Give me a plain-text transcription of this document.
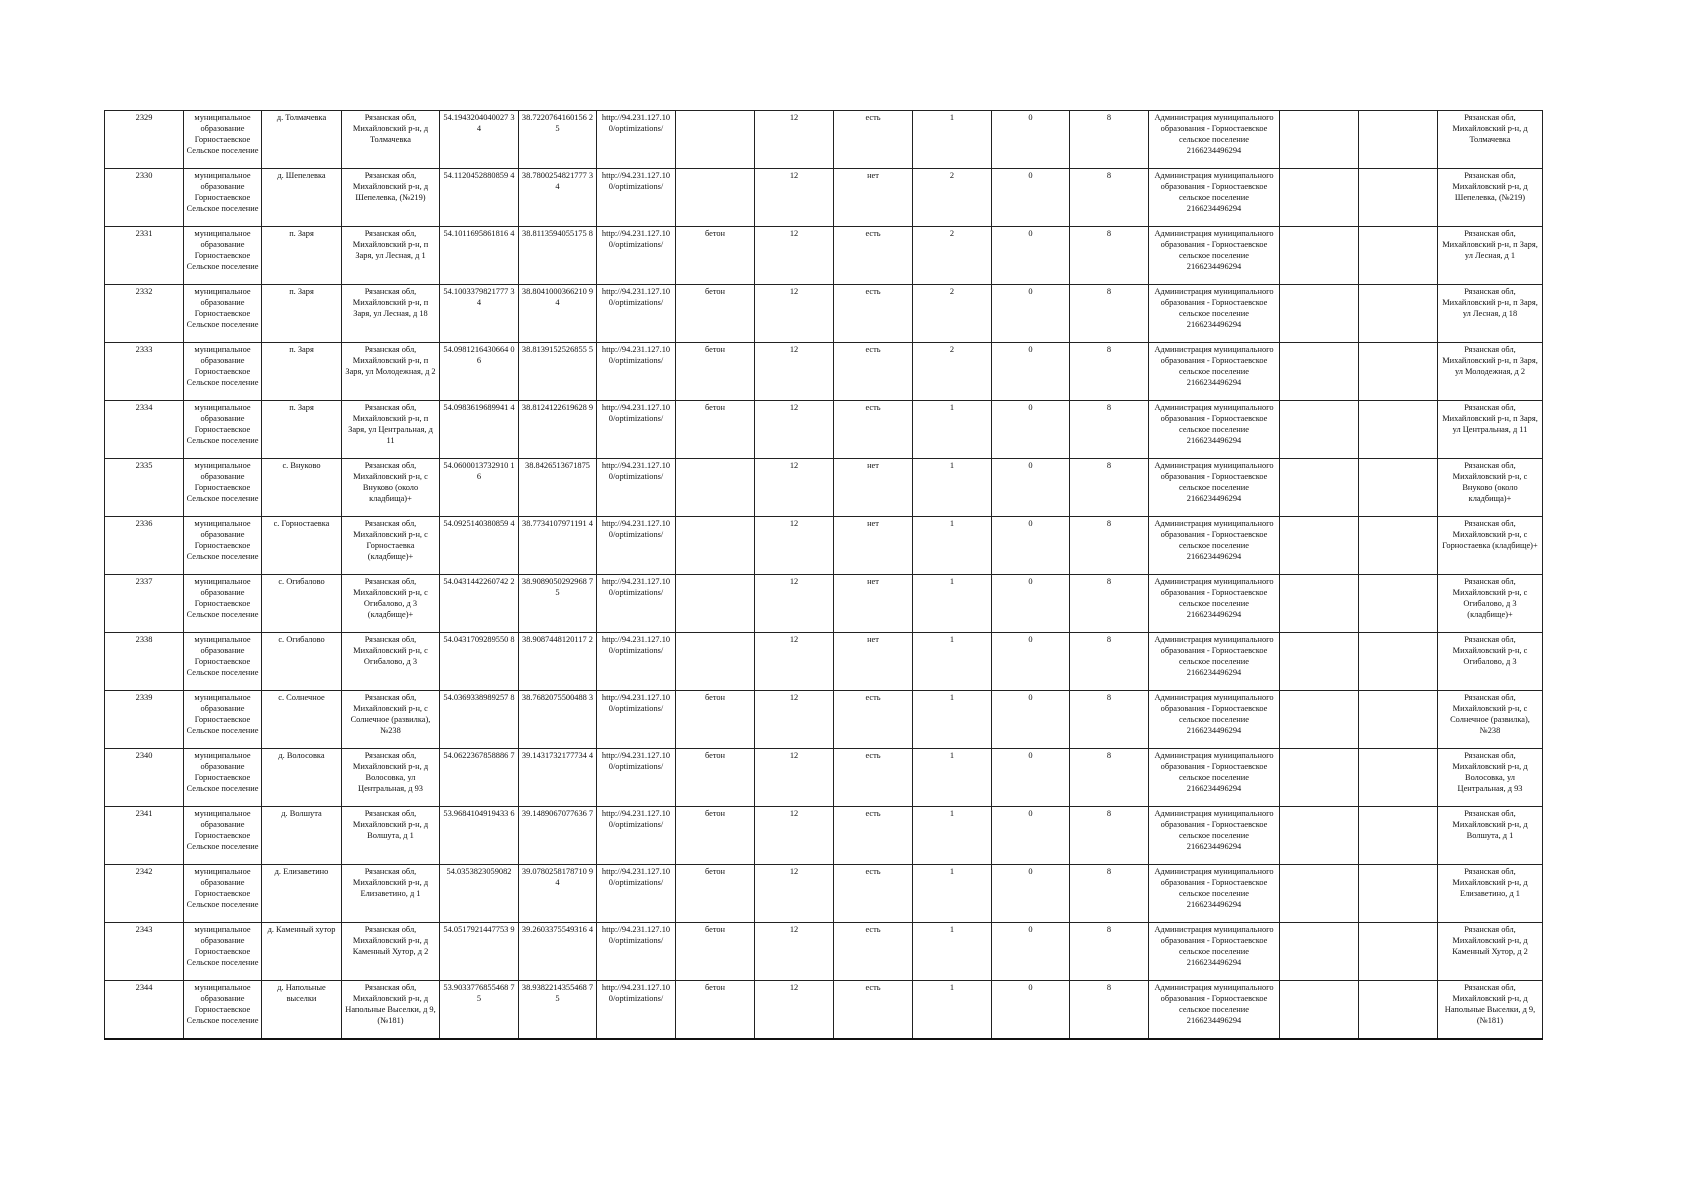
2329	муниципальное образование Горностаевское Сельское поселение	д. Толмачевка	Рязанская обл, Михайловский р-н, д Толмачевка	54.1943204040027 34	38.7220764160156 25	http://94.231.127.10 0/optimizations/		12	есть	1	0	8	Администрация муниципального образования - Горностаевское сельское поселение 2166234496294			Рязанская обл, Михайловский р-н, д Толмачевка
2330	муниципальное образование Горностаевское Сельское поселение	д. Шепелевка	Рязанская обл, Михайловский р-н, д Шепелевка, (№219)	54.1120452880859 4	38.7800254821777 34	http://94.231.127.10 0/optimizations/		12	нет	2	0	8	Администрация муниципального образования - Горностаевское сельское поселение 2166234496294			Рязанская обл, Михайловский р-н, д Шепелевка, (№219)
2331	муниципальное образование Горностаевское Сельское поселение	п. Заря	Рязанская обл, Михайловский р-н, п Заря, ул Лесная, д 1	54.1011695861816 4	38.8113594055175 8	http://94.231.127.10 0/optimizations/	бетон	12	есть	2	0	8	Администрация муниципального образования - Горностаевское сельское поселение 2166234496294			Рязанская обл, Михайловский р-н, п Заря, ул Лесная, д 1
2332	муниципальное образование Горностаевское Сельское поселение	п. Заря	Рязанская обл, Михайловский р-н, п Заря, ул Лесная, д 18	54.1003379821777 34	38.8041000366210 94	http://94.231.127.10 0/optimizations/	бетон	12	есть	2	0	8	Администрация муниципального образования - Горностаевское сельское поселение 2166234496294			Рязанская обл, Михайловский р-н, п Заря, ул Лесная, д 18
2333	муниципальное образование Горностаевское Сельское поселение	п. Заря	Рязанская обл, Михайловский р-н, п Заря, ул Молодежная, д 2	54.0981216430664 06	38.8139152526855 5	http://94.231.127.10 0/optimizations/	бетон	12	есть	2	0	8	Администрация муниципального образования - Горностаевское сельское поселение 2166234496294			Рязанская обл, Михайловский р-н, п Заря, ул Молодежная, д 2
2334	муниципальное образование Горностаевское Сельское поселение	п. Заря	Рязанская обл, Михайловский р-н, п Заря, ул Центральная, д 11	54.0983619689941 4	38.8124122619628 9	http://94.231.127.10 0/optimizations/	бетон	12	есть	1	0	8	Администрация муниципального образования - Горностаевское сельское поселение 2166234496294			Рязанская обл, Михайловский р-н, п Заря, ул Центральная, д 11
2335	муниципальное образование Горностаевское Сельское поселение	с. Внуково	Рязанская обл, Михайловский р-н, с Внуково (около кладбища)+	54.0600013732910 16	38.8426513671875	http://94.231.127.10 0/optimizations/		12	нет	1	0	8	Администрация муниципального образования - Горностаевское сельское поселение 2166234496294			Рязанская обл, Михайловский р-н, с Внуково (около кладбища)+
2336	муниципальное образование Горностаевское Сельское поселение	с. Горностаевка	Рязанская обл, Михайловский р-н, с Горностаевка (кладбище)+	54.0925140380859 4	38.7734107971191 4	http://94.231.127.10 0/optimizations/		12	нет	1	0	8	Администрация муниципального образования - Горностаевское сельское поселение 2166234496294			Рязанская обл, Михайловский р-н, с Горностаевка (кладбище)+
2337	муниципальное образование Горностаевское Сельское поселение	с. Огибалово	Рязанская обл, Михайловский р-н, с Огибалово, д 3 (кладбище)+	54.0431442260742 2	38.9089050292968 75	http://94.231.127.10 0/optimizations/		12	нет	1	0	8	Администрация муниципального образования - Горностаевское сельское поселение 2166234496294			Рязанская обл, Михайловский р-н, с Огибалово, д 3 (кладбище)+
2338	муниципальное образование Горностаевское Сельское поселение	с. Огибалово	Рязанская обл, Михайловский р-н, с Огибалово, д 3	54.0431709289550 8	38.9087448120117 2	http://94.231.127.10 0/optimizations/		12	нет	1	0	8	Администрация муниципального образования - Горностаевское сельское поселение 2166234496294			Рязанская обл, Михайловский р-н, с Огибалово, д 3
2339	муниципальное образование Горностаевское Сельское поселение	с. Солнечное	Рязанская обл, Михайловский р-н, с Солнечное (развилка), №238	54.0369338989257 8	38.7682075500488 3	http://94.231.127.10 0/optimizations/	бетон	12	есть	1	0	8	Администрация муниципального образования - Горностаевское сельское поселение 2166234496294			Рязанская обл, Михайловский р-н, с Солнечное (развилка), №238
2340	муниципальное образование Горностаевское Сельское поселение	д. Волосовка	Рязанская обл, Михайловский р-н, д Волосовка, ул Центральная, д 93	54.0622367858886 7	39.1431732177734 4	http://94.231.127.10 0/optimizations/	бетон	12	есть	1	0	8	Администрация муниципального образования - Горностаевское сельское поселение 2166234496294			Рязанская обл, Михайловский р-н, д Волосовка, ул Центральная, д 93
2341	муниципальное образование Горностаевское Сельское поселение	д. Волшута	Рязанская обл, Михайловский р-н, д Волшута, д 1	53.9684104919433 6	39.1489067077636 7	http://94.231.127.10 0/optimizations/	бетон	12	есть	1	0	8	Администрация муниципального образования - Горностаевское сельское поселение 2166234496294			Рязанская обл, Михайловский р-н, д Волшута, д 1
2342	муниципальное образование Горностаевское Сельское поселение	д. Елизаветино	Рязанская обл, Михайловский р-н, д Елизаветино, д 1	54.0353823059082	39.0780258178710 94	http://94.231.127.10 0/optimizations/	бетон	12	есть	1	0	8	Администрация муниципального образования - Горностаевское сельское поселение 2166234496294			Рязанская обл, Михайловский р-н, д Елизаветино, д 1
2343	муниципальное образование Горностаевское Сельское поселение	д. Каменный хутор	Рязанская обл, Михайловский р-н, д Каменный Хутор, д 2	54.0517921447753 9	39.2603375549316 4	http://94.231.127.10 0/optimizations/	бетон	12	есть	1	0	8	Администрация муниципального образования - Горностаевское сельское поселение 2166234496294			Рязанская обл, Михайловский р-н, д Каменный Хутор, д 2
2344	муниципальное образование Горностаевское Сельское поселение	д. Напольные выселки	Рязанская обл, Михайловский р-н, д Напольные Выселки, д 9, (№181)	53.9033776855468 75	38.9382214355468 75	http://94.231.127.10 0/optimizations/	бетон	12	есть	1	0	8	Администрация муниципального образования - Горностаевское сельское поселение 2166234496294			Рязанская обл, Михайловский р-н, д Напольные Выселки, д 9, (№181)
